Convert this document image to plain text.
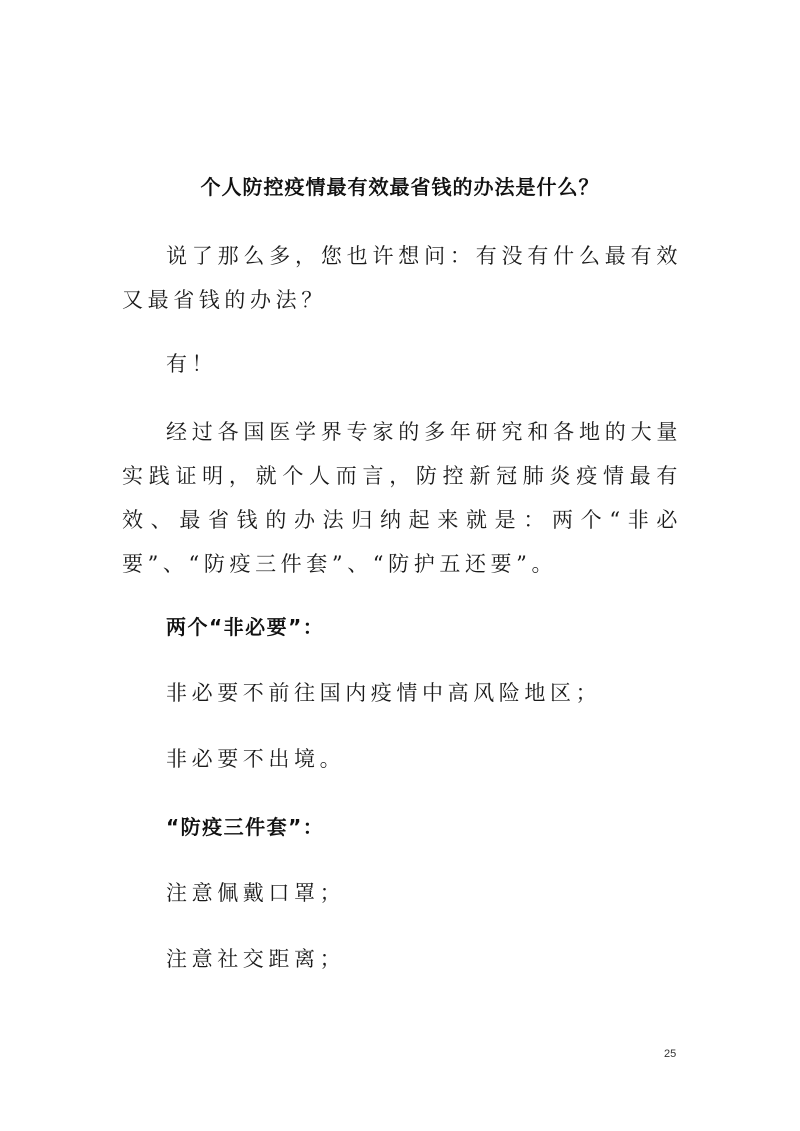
个人防控疫情最有效最省钱的办法是什么？
说了那么多，您也许想问：有没有什么最有效又最省钱的办法？
有！
经过各国医学界专家的多年研究和各地的大量实践证明，就个人而言，防控新冠肺炎疫情最有效、最省钱的办法归纳起来就是：两个“非必要”、“防疫三件套”、“防护五还要”。
两个“非必要”：
非必要不前往国内疫情中高风险地区；
非必要不出境。
“防疫三件套”：
注意佩戴口罩；
注意社交距离；
25
